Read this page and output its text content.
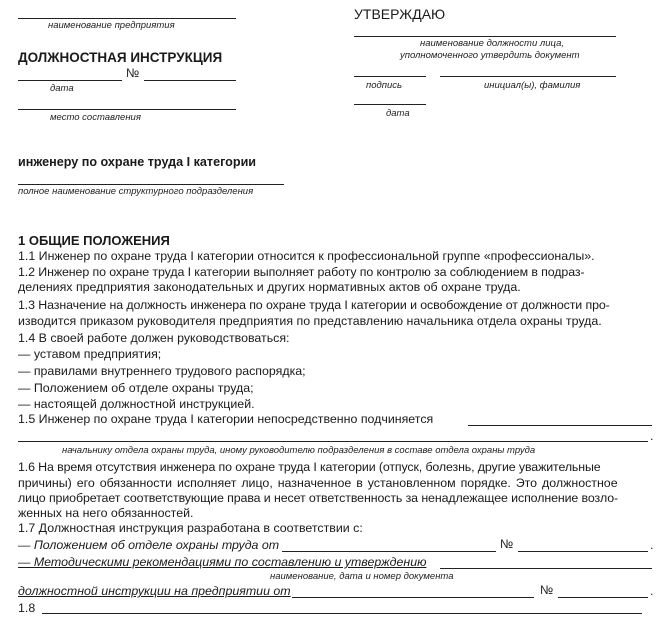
наименование предприятия
ДОЛЖНОСТНАЯ ИНСТРУКЦИЯ
№
дата
место составления
УТВЕРЖДАЮ
наименование должности лица,
уполномоченного утвердить документ
подпись	инициал(ы), фамилия
дата
инженеру по охране труда I категории
полное наименование структурного подразделения
1 ОБЩИЕ ПОЛОЖЕНИЯ
1.1 Инженер по охране труда I категории относится к профессиональной группе «профессионалы».
1.2 Инженер по охране труда I категории выполняет работу по контролю за соблюдением в подраз-
делениях предприятия законодательных и других нормативных актов об охране труда.
1.3 Назначение на должность инженера по охране труда I категории и освобождение от должности про-
изводится приказом руководителя предприятия по представлению начальника отдела охраны труда.
1.4 В своей работе должен руководствоваться:
— уставом предприятия;
— правилами внутреннего трудового распорядка;
— Положением об отделе охраны труда;
— настоящей должностной инструкцией.
1.5 Инженер по охране труда I категории непосредственно подчиняется
.
начальнику отдела охраны труда, иному руководителю подразделения в составе отдела охраны труда
1.6 На время отсутствия инженера по охране труда I категории (отпуск, болезнь, другие уважительные
причины) его обязанности исполняет лицо, назначенное в установленном порядке. Это должностное
лицо приобретает соответствующие права и несет ответственность за ненадлежащее исполнение возло-
женных на него обязанностей.
1.7 Должностная инструкция разработана в соответствии с:
— Положением об отделе охраны труда от	№	.
— Методическими рекомендациями по составлению и утверждению
наименование, дата и номер документа
должностной инструкции на предприятии от	№	.
1.8
